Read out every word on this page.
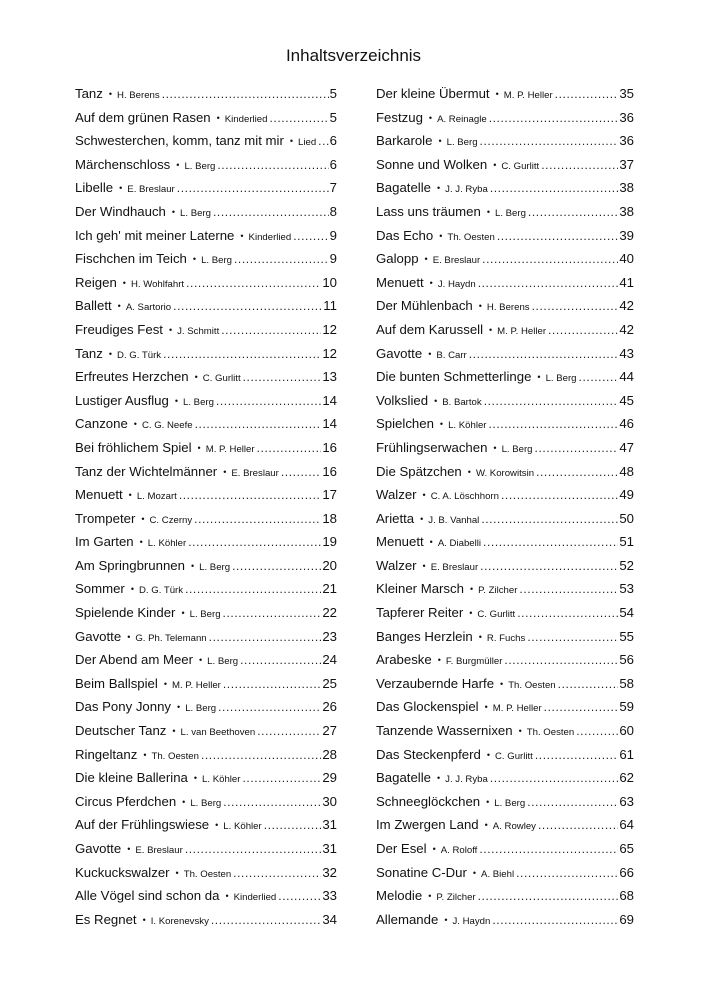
Inhaltsverzeichnis
Tanz • H. Berens .....	5
Auf dem grünen Rasen • Kinderlied .....	5
Schwesterchen, komm, tanz mit mir • Lied ..... 6
Märchenschloss • L. Berg .....	6
Libelle • E. Breslaur .....	7
Der Windhauch • L. Berg .....	8
Ich geh' mit meiner Laterne • Kinderlied .....	9
Fischchen im Teich • L. Berg .....	9
Reigen • H. Wohlfahrt .....	10
Ballett • A. Sartorio .....	11
Freudiges Fest • J. Schmitt .....	12
Tanz • D. G. Türk .....	12
Erfreutes Herzchen • C. Gurlitt .....	13
Lustiger Ausflug • L. Berg .....	14
Canzone • C. G. Neefe .....	14
Bei fröhlichem Spiel • M. P. Heller .....	16
Tanz der Wichtelmänner • E. Breslaur .....	16
Menuett • L. Mozart .....	17
Trompeter • C. Czerny .....	18
Im Garten • L. Köhler .....	19
Am Springbrunnen • L. Berg .....	20
Sommer • D. G. Türk .....	21
Spielende Kinder • L. Berg .....	22
Gavotte • G. Ph. Telemann .....	23
Der Abend am Meer • L. Berg .....	24
Beim Ballspiel • M. P. Heller .....	25
Das Pony Jonny • L. Berg .....	26
Deutscher Tanz • L. van Beethoven .....	27
Ringeltanz • Th. Oesten .....	28
Die kleine Ballerina • L. Köhler .....	29
Circus Pferdchen • L. Berg .....	30
Auf der Frühlingswiese • L. Köhler .....	31
Gavotte • E. Breslaur .....	31
Kuckuckswalzer • Th. Oesten .....	32
Alle Vögel sind schon da • Kinderlied .....	33
Es Regnet • I. Korenevsky .....	34
Der kleine Übermut • M. P. Heller .....	35
Festzug • A. Reinagle .....	36
Barkarole • L. Berg .....	36
Sonne und Wolken • C. Gurlitt .....	37
Bagatelle • J. J. Ryba .....	38
Lass uns träumen • L. Berg .....	38
Das Echo • Th. Oesten .....	39
Galopp • E. Breslaur .....	40
Menuett • J. Haydn .....	41
Der Mühlenbach • H. Berens .....	42
Auf dem Karussell • M. P. Heller .....	42
Gavotte • B. Carr .....	43
Die bunten Schmetterlinge • L. Berg .....	44
Volkslied • B. Bartok .....	45
Spielchen • L. Köhler .....	46
Frühlingserwachen • L. Berg .....	47
Die Spätzchen • W. Korowitsin .....	48
Walzer • C. A. Löschhorn .....	49
Arietta • J. B. Vanhal .....	50
Menuett • A. Diabelli .....	51
Walzer • E. Breslaur .....	52
Kleiner Marsch • P. Zilcher .....	53
Tapferer Reiter • C. Gurlitt .....	54
Banges Herzlein • R. Fuchs .....	55
Arabeske • F. Burgmüller .....	56
Verzaubernde Harfe • Th. Oesten .....	58
Das Glockenspiel • M. P. Heller .....	59
Tanzende Wassernixen • Th. Oesten .....	60
Das Steckenpferd • C. Gurlitt .....	61
Bagatelle • J. J. Ryba .....	62
Schneeglöckchen • L. Berg .....	63
Im Zwergen Land • A. Rowley .....	64
Der Esel • A. Roloff .....	65
Sonatine C-Dur • A. Biehl .....	66
Melodie • P. Zilcher .....	68
Allemande • J. Haydn .....	69
